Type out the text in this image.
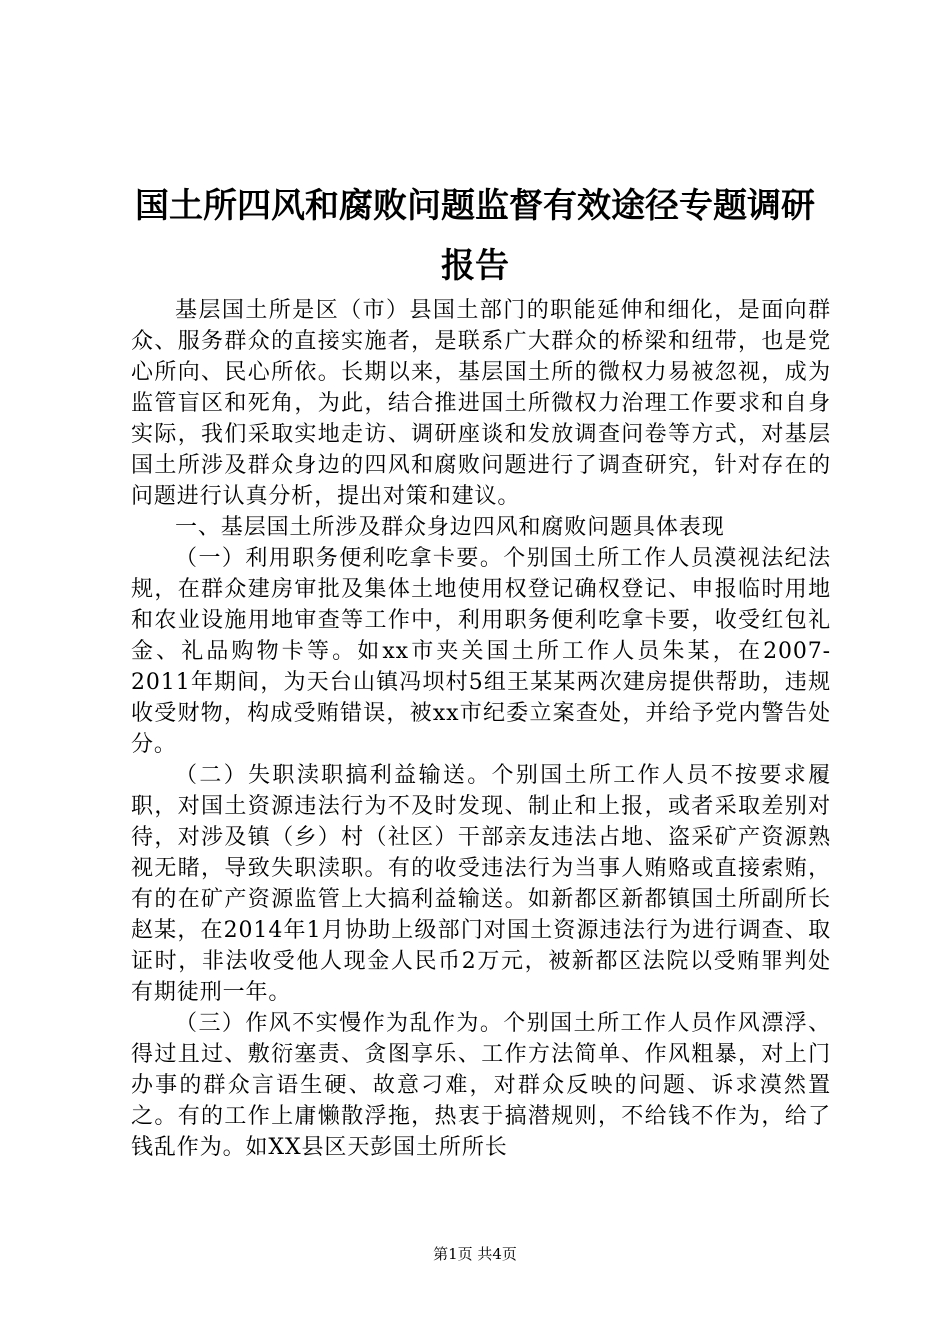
国土所四风和腐败问题监督有效途径专题调研
报告

基层国土所是区（市）县国土部门的职能延伸和细化，是面向群众、服务群众的直接实施者，是联系广大群众的桥梁和纽带，也是党心所向、民心所依。长期以来，基层国土所的微权力易被忽视，成为监管盲区和死角，为此，结合推进国土所微权力治理工作要求和自身实际，我们采取实地走访、调研座谈和发放调查问卷等方式，对基层国土所涉及群众身边的四风和腐败问题进行了调查研究，针对存在的问题进行认真分析，提出对策和建议。

一、基层国土所涉及群众身边四风和腐败问题具体表现

（一）利用职务便利吃拿卡要。个别国土所工作人员漠视法纪法规，在群众建房审批及集体土地使用权登记确权登记、申报临时用地和农业设施用地审查等工作中，利用职务便利吃拿卡要，收受红包礼金、礼品购物卡等。如xx市夹关国土所工作人员朱某，在2007-2011年期间，为天台山镇冯坝村5组王某某两次建房提供帮助，违规收受财物，构成受贿错误，被xx市纪委立案查处，并给予党内警告处分。

（二）失职渎职搞利益输送。个别国土所工作人员不按要求履职，对国土资源违法行为不及时发现、制止和上报，或者采取差别对待，对涉及镇（乡）村（社区）干部亲友违法占地、盗采矿产资源熟视无睹，导致失职渎职。有的收受违法行为当事人贿赂或直接索贿，有的在矿产资源监管上大搞利益输送。如新都区新都镇国土所副所长赵某，在2014年1月协助上级部门对国土资源违法行为进行调查、取证时，非法收受他人现金人民币2万元，被新都区法院以受贿罪判处有期徒刑一年。

（三）作风不实慢作为乱作为。个别国土所工作人员作风漂浮、得过且过、敷衍塞责、贪图享乐、工作方法简单、作风粗暴，对上门办事的群众言语生硬、故意刁难，对群众反映的问题、诉求漠然置之。有的工作上庸懒散浮拖，热衷于搞潜规则，不给钱不作为，给了钱乱作为。如XX县区天彭国土所所长

第1页 共4页
